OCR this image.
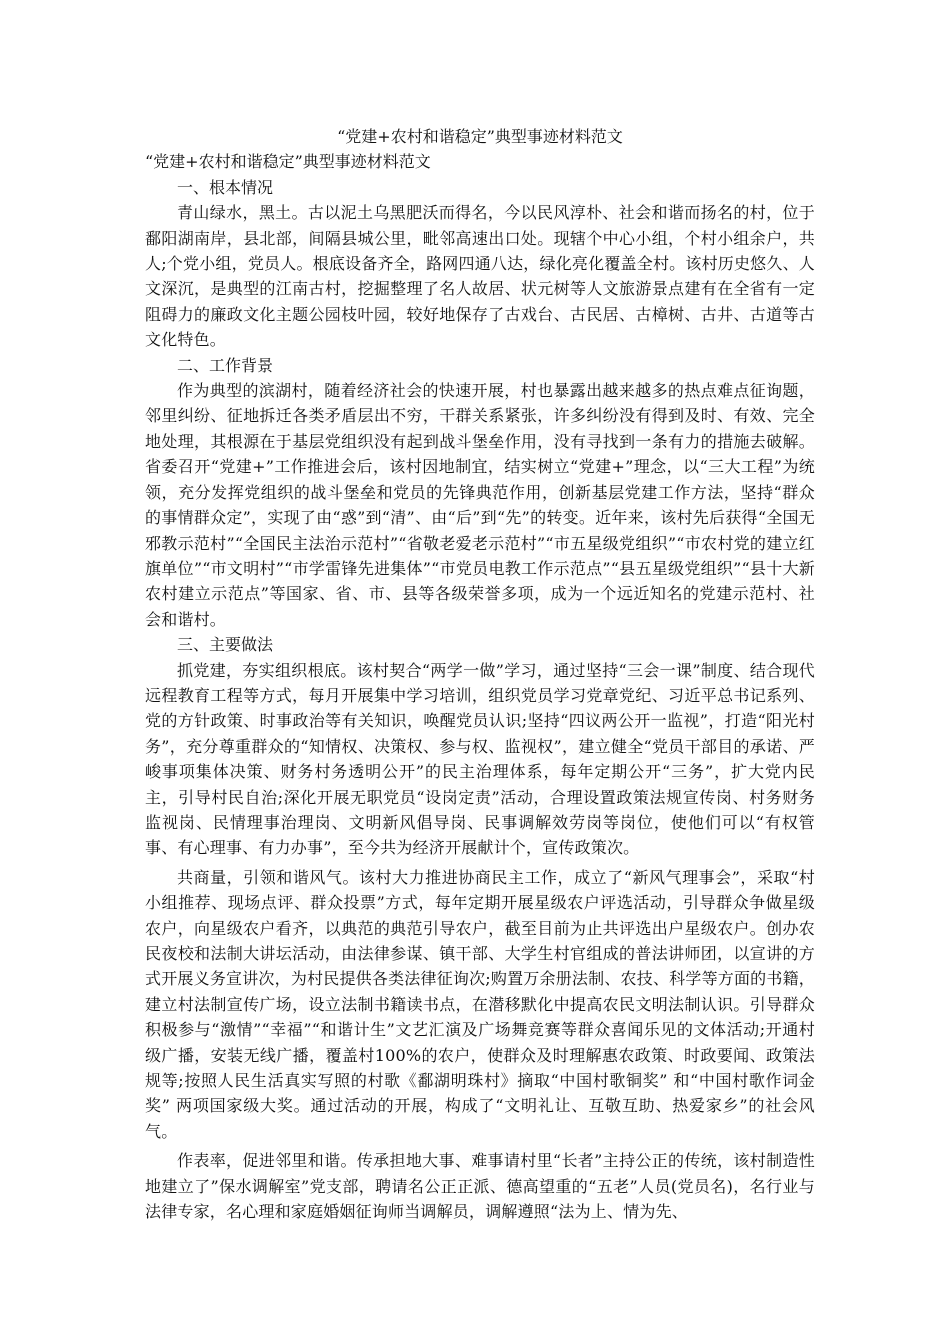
“党建+农村和谐稳定”典型事迹材料范文
“党建+农村和谐稳定”典型事迹材料范文
一、根本情况

青山绿水，黑土。古以泥土乌黑肥沃而得名，今以民风淳朴、社会和谐而扬名的村，位于鄱阳湖南岸，县北部，间隔县城公里，毗邻高速出口处。现辖个中心小组，个村小组余户，共人;个党小组，党员人。根底设备齐全，路网四通八达，绿化亮化覆盖全村。该村历史悠久、人文深沉，是典型的江南古村，挖掘整理了名人故居、状元树等人文旅游景点建有在全省有一定阻碍力的廉政文化主题公园枝叶园，较好地保存了古戏台、古民居、古樟树、古井、古道等古文化特色。

二、工作背景

作为典型的滨湖村，随着经济社会的快速开展，村也暴露出越来越多的热点难点征询题，邻里纠纷、征地拆迁各类矛盾层出不穷，干群关系紧张，许多纠纷没有得到及时、有效、完全地处理，其根源在于基层党组织没有起到战斗堡垒作用，没有寻找到一条有力的措施去破解。省委召开“党建+”工作推进会后，该村因地制宜，结实树立“党建+”理念，以“三大工程”为统领，充分发挥党组织的战斗堡垒和党员的先锋典范作用，创新基层党建工作方法，坚持“群众的事情群众定”，实现了由“惑”到“清”、由“后”到“先”的转变。近年来，该村先后获得“全国无邪教示范村”“全国民主法治示范村”“省敬老爱老示范村”“市五星级党组织”“市农村党的建立红旗单位”“市文明村”“市学雷锋先进集体”“市党员电教工作示范点”“县五星级党组织”“县十大新农村建立示范点”等国家、省、市、县等各级荣誉多项，成为一个远近知名的党建示范村、社会和谐村。

三、主要做法

抓党建，夯实组织根底。该村契合“两学一做”学习，通过坚持“三会一课”制度、结合现代远程教育工程等方式，每月开展集中学习培训，组织党员学习党章党纪、习近平总书记系列、党的方针政策、时事政治等有关知识，唤醒党员认识;坚持“四议两公开一监视”，打造“阳光村务”，充分尊重群众的“知情权、决策权、参与权、监视权”，建立健全“党员干部目的承诺、严峻事项集体决策、财务村务透明公开”的民主治理体系，每年定期公开“三务”，扩大党内民主，引导村民自治;深化开展无职党员“设岗定责”活动，合理设置政策法规宣传岗、村务财务监视岗、民情理事治理岗、文明新风倡导岗、民事调解效劳岗等岗位，使他们可以“有权管事、有心理事、有力办事”，至今共为经济开展献计个，宣传政策次。

共商量，引领和谐风气。该村大力推进协商民主工作，成立了“新风气理事会”，采取“村小组推荐、现场点评、群众投票”方式，每年定期开展星级农户评选活动，引导群众争做星级农户，向星级农户看齐，以典范的典范引导农户，截至目前为止共评选出户星级农户。创办农民夜校和法制大讲坛活动，由法律参谋、镇干部、大学生村官组成的普法讲师团，以宣讲的方式开展义务宣讲次，为村民提供各类法律征询次;购置万余册法制、农技、科学等方面的书籍，建立村法制宣传广场，设立法制书籍读书点，在潜移默化中提高农民文明法制认识。引导群众积极参与“激情”“幸福”“和谐计生”文艺汇演及广场舞竞赛等群众喜闻乐见的文体活动;开通村级广播，安装无线广播，覆盖村100%的农户，使群众及时理解惠农政策、时政要闻、政策法规等;按照人民生活真实写照的村歌《鄱湖明珠村》摘取“中国村歌铜奖” 和“中国村歌作词金奖” 两项国家级大奖。通过活动的开展，构成了“文明礼让、互敬互助、热爱家乡”的社会风气。

作表率，促进邻里和谐。传承担地大事、难事请村里“长者”主持公正的传统，该村制造性地建立了”保水调解室”党支部，聘请名公正正派、德高望重的“五老”人员(党员名)，名行业与法律专家，名心理和家庭婚姻征询师当调解员，调解遵照“法为上、情为先、
